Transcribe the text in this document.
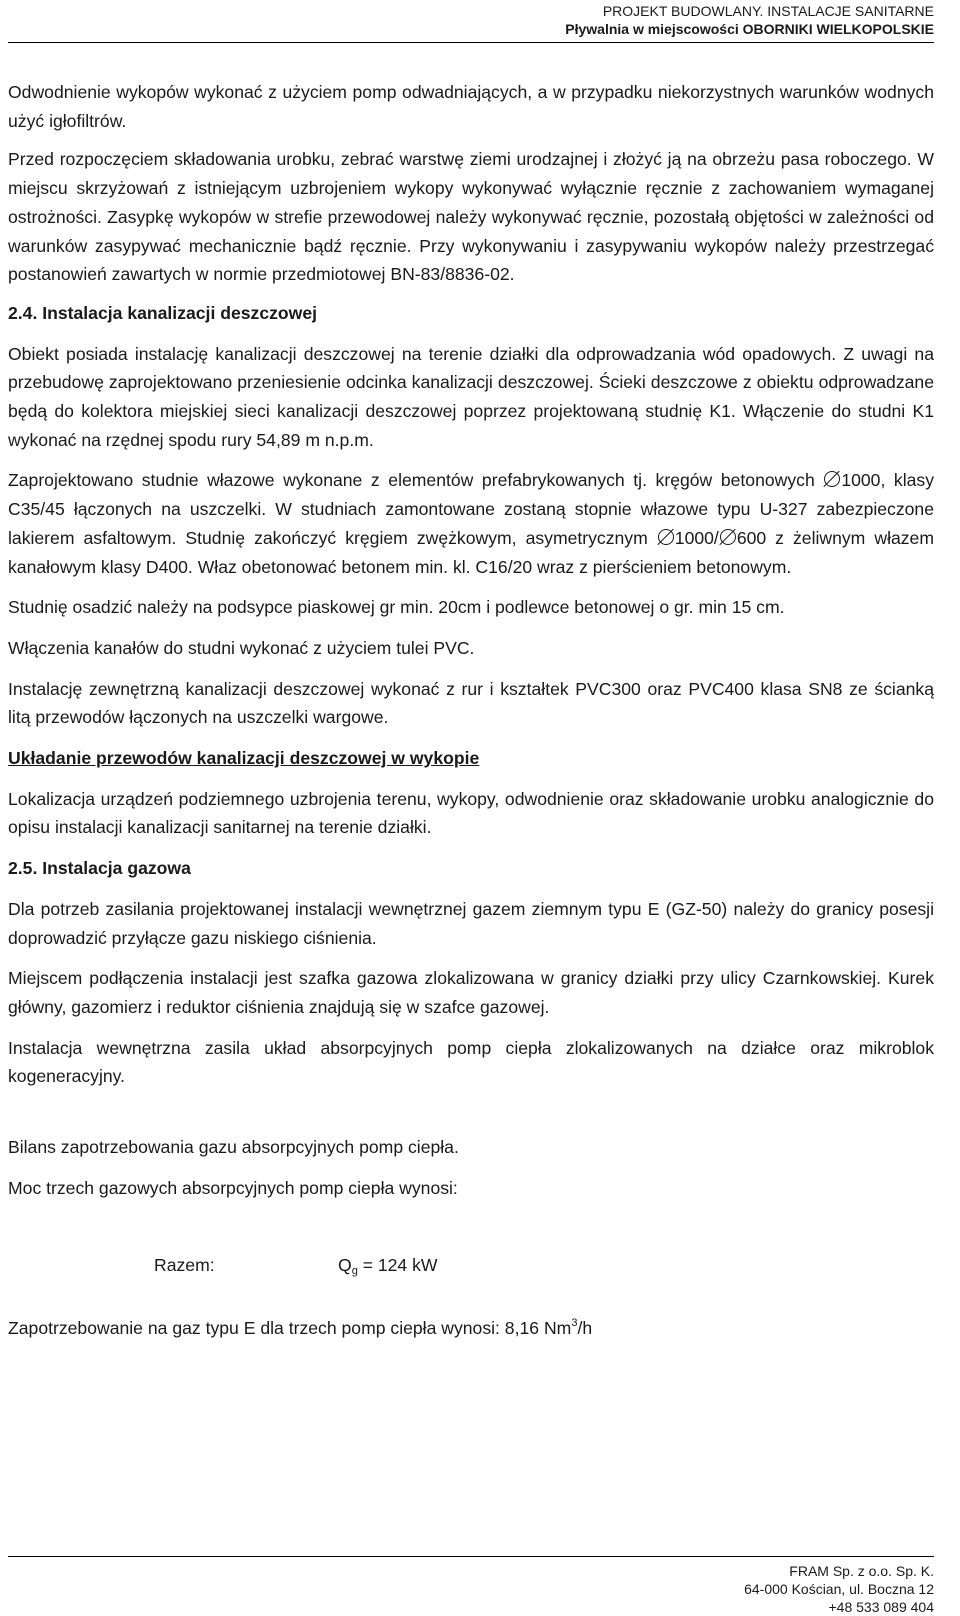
PROJEKT BUDOWLANY. INSTALACJE SANITARNE
Pływalnia w miejscowości OBORNIKI WIELKOPOLSKIE

Odwodnienie wykopów wykonać z użyciem pomp odwadniających, a w przypadku niekorzystnych warunków wodnych użyć igłofiltrów.

Przed rozpoczęciem składowania urobku, zebrać warstwę ziemi urodzajnej i złożyć ją na obrzeżu pasa roboczego. W miejscu skrzyżowań z istniejącym uzbrojeniem wykopy wykonywać wyłącznie ręcznie z zachowaniem wymaganej ostrożności. Zasypkę wykopów w strefie przewodowej należy wykonywać ręcznie, pozostałą objętości w zależności od warunków zasypywać mechanicznie bądź ręcznie. Przy wykonywaniu i zasypywaniu wykopów należy przestrzegać postanowień zawartych w normie przedmiotowej BN-83/8836-02.

2.4. Instalacja kanalizacji deszczowej

Obiekt posiada instalację kanalizacji deszczowej na terenie działki dla odprowadzania wód opadowych. Z uwagi na przebudowę zaprojektowano przeniesienie odcinka kanalizacji deszczowej. Ścieki deszczowe z obiektu odprowadzane będą do kolektora miejskiej sieci kanalizacji deszczowej poprzez projektowaną studnię K1. Włączenie do studni K1 wykonać na rzędnej spodu rury 54,89 m n.p.m.

Zaprojektowano studnie włazowe wykonane z elementów prefabrykowanych tj. kręgów betonowych 1000, klasy C35/45 łączonych na uszczelki. W studniach zamontowane zostaną stopnie włazowe typu U-327 zabezpieczone lakierem asfaltowym. Studnię zakończyć kręgiem zwężkowym, asymetrycznym 1000/ 600 z żeliwnym włazem kanałowym klasy D400. Właz obetonować betonem min. kl. C16/20 wraz z pierścieniem betonowym.

Studnię osadzić należy na podsypce piaskowej gr min. 20cm i podlewce betonowej o gr. min 15 cm.

Włączenia kanałów do studni wykonać z użyciem tulei PVC.

Instalację zewnętrzną kanalizacji deszczowej wykonać z rur i kształtek PVC300 oraz PVC400 klasa SN8 ze ścianką litą przewodów łączonych na uszczelki wargowe.

Układanie przewodów kanalizacji deszczowej w wykopie

Lokalizacja urządzeń podziemnego uzbrojenia terenu, wykopy, odwodnienie oraz składowanie urobku analogicznie do opisu instalacji kanalizacji sanitarnej na terenie działki.

2.5. Instalacja gazowa

Dla potrzeb zasilania projektowanej instalacji wewnętrznej gazem ziemnym typu E (GZ-50) należy do granicy posesji doprowadzić przyłącze gazu niskiego ciśnienia.

Miejscem podłączenia instalacji jest szafka gazowa zlokalizowana w granicy działki przy ulicy Czarnkowskiej. Kurek główny, gazomierz i reduktor ciśnienia znajdują się w szafce gazowej.

Instalacja wewnętrzna zasila układ absorpcyjnych pomp ciepła zlokalizowanych na działce oraz mikroblok kogeneracyjny.

Bilans zapotrzebowania gazu absorpcyjnych pomp ciepła.

Moc trzech gazowych absorpcyjnych pomp ciepła wynosi:

Razem:	$Q_g = 124$ kW

Zapotrzebowanie na gaz typu E dla trzech pomp ciepła wynosi: 8,16 Nm$^3$/h

FRAM Sp. z o.o. Sp. K.
64-000 Kościan, ul. Boczna 12
+48 533 089 404
